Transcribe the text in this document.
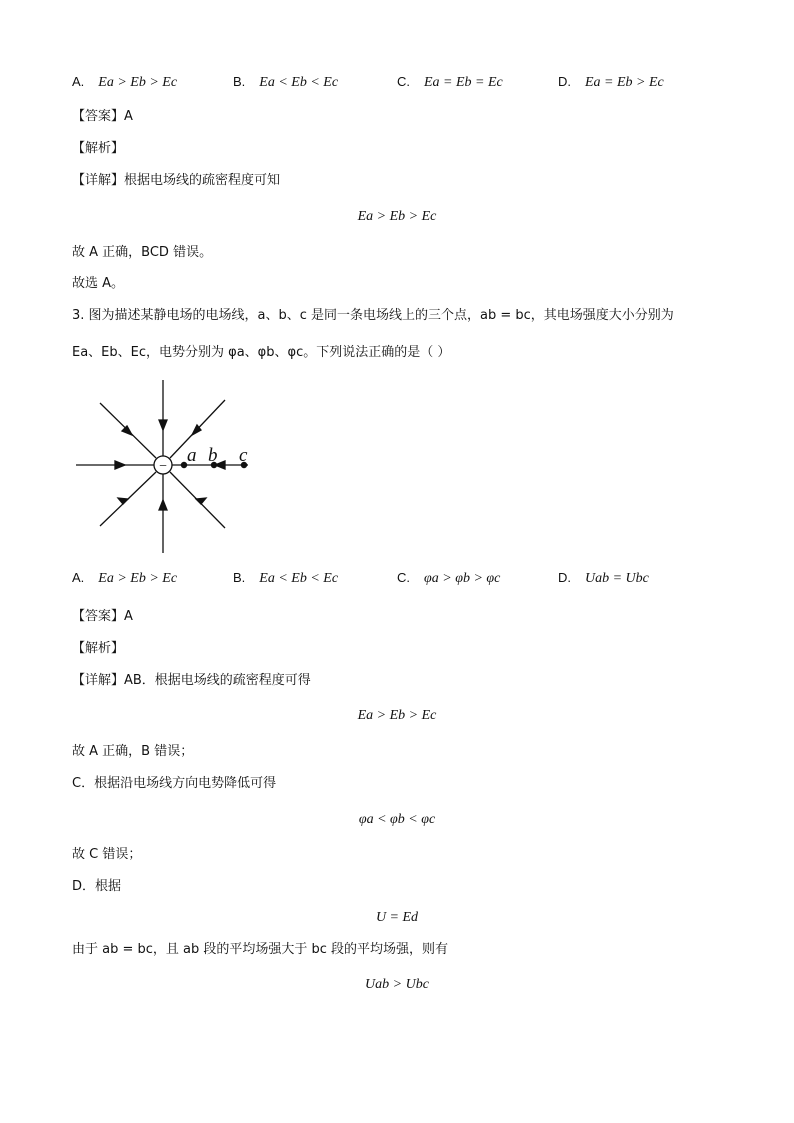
A. Ea > Eb > Ec	B. Ea < Eb < Ec	C. Ea = Eb = Ec	D. Ea = Eb > Ec
【答案】A
【解析】
【详解】根据电场线的疏密程度可知
Ea > Eb > Ec
故 A 正确，BCD 错误。
故选 A。
3. 图为描述某静电场的电场线，a、b、c 是同一条电场线上的三个点，ab = bc，其电场强度大小分别为
Ea、Eb、Ec，电势分别为 φa、φb、φc。下列说法正确的是（ ）
−
a b c
A. Ea > Eb > Ec	B. Ea < Eb < Ec	C. φa > φb > φc	D. Uab = Ubc
【答案】A
【解析】
【详解】AB．根据电场线的疏密程度可得
Ea > Eb > Ec
故 A 正确，B 错误；
C．根据沿电场线方向电势降低可得
φa < φb < φc
故 C 错误；
D．根据
U = Ed
由于 ab = bc，且 ab 段的平均场强大于 bc 段的平均场强，则有
Uab > Ubc
